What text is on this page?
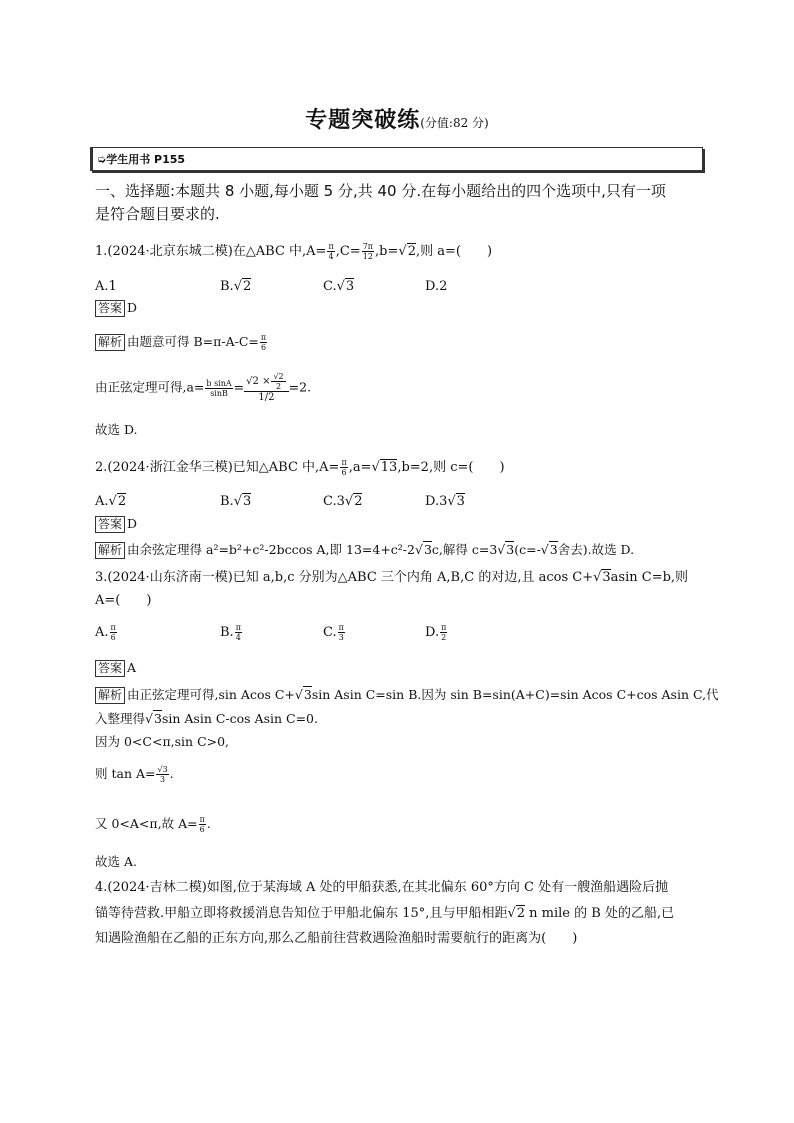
专题突破练(分值:82 分)
➭学生用书 P155
一、选择题:本题共 8 小题,每小题 5 分,共 40 分.在每小题给出的四个选项中,只有一项
是符合题目要求的.
1.(2024·北京东城二模)在△ABC 中$,A= \frac{\pi}{4} ,C= \frac{7\pi}{12} ,b=√$ 2,则 a=(　　)
A.1	B.√ 2	C.√ 3	D.2
答案 D
解析 由题意可得 $B=\pi-A-C= \frac{\pi}{6}$
由正弦定理可得$,a= \frac{\text{b sinA}}{\sin B} = \frac{√2 \times \frac{√2}{2}}{1/2} =2$.
故选 D.
2.(2024·浙江金华三模)已知△ABC 中$,A= \frac{\pi}{6} ,a=√$ 13,b=2,则 c=(　　)
A.√ 2	B.√ 3	C.3√ 2	D.3√ 3
答案 D
解析 由余弦定理得 a²=b²+c²-2bccos A,即 13=4+c²-2√ 3c,解得 c=3√ 3(c=-√ 3舍去).故选 D.
3.(2024·山东济南一模)已知 a,b,c 分别为△ABC 三个内角 A,B,C 的对边,且 acos C+√ 3asin C=b,则
A=(　　)
A. $\frac{\pi}{6}$	B. $\frac{\pi}{4}$	C. $\frac{\pi}{3}$	D. $\frac{\pi}{2}$
答案 A
解析 由正弦定理可得,sin Acos C+√ 3sin Asin C=sin B.因为 sin B=sin(A+C)=sin Acos C+cos Asin C,代
入整理得√ 3sin Asin C-cos Asin C=0.
因为 0<C<π,sin C>0,
则 $\tan A= \frac{√3}{3}$ .
又 0<A<π,故 $A= \frac{\pi}{6}$ .
故选 A.
4.(2024·吉林二模)如图,位于某海域 A 处的甲船获悉,在其北偏东 60°方向 C 处有一艘渔船遇险后抛
锚等待营救.甲船立即将救援消息告知位于甲船北偏东 15°,且与甲船相距√ 2 n mile 的 B 处的乙船,已
知遇险渔船在乙船的正东方向,那么乙船前往营救遇险渔船时需要航行的距离为(　　)
